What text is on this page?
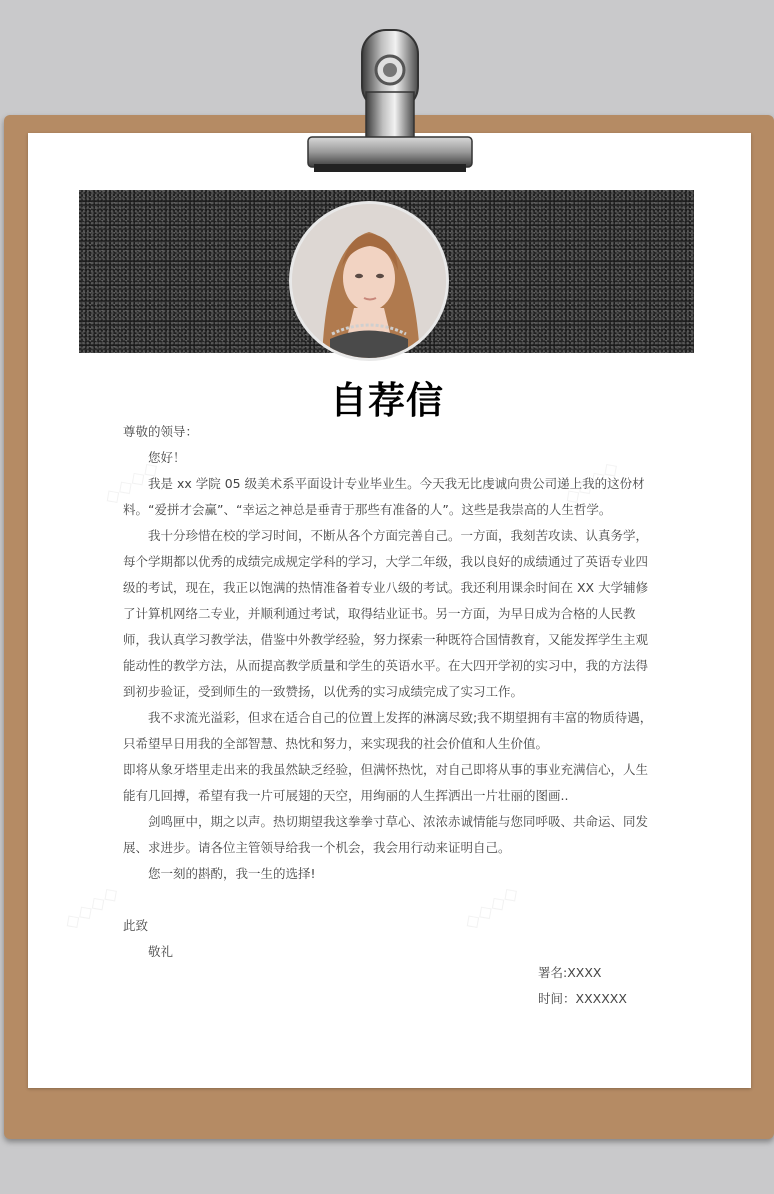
自荐信

尊敬的领导：

您好！

我是 xx 学院 05 级美术系平面设计专业毕业生。今天我无比虔诚向贵公司递上我的这份材料。“爱拼才会赢”、“幸运之神总是垂青于那些有准备的人”。这些是我崇高的人生哲学。

我十分珍惜在校的学习时间，不断从各个方面完善自己。一方面，我刻苦攻读、认真务学，每个学期都以优秀的成绩完成规定学科的学习，大学二年级，我以良好的成绩通过了英语专业四级的考试，现在，我正以饱满的热情准备着专业八级的考试。我还利用课余时间在 XX 大学辅修了计算机网络二专业，并顺利通过考试，取得结业证书。另一方面，为早日成为合格的人民教师，我认真学习教学法，借鉴中外教学经验，努力探索一种既符合国情教育，又能发挥学生主观能动性的教学方法，从而提高教学质量和学生的英语水平。在大四开学初的实习中，我的方法得到初步验证，受到师生的一致赞扬，以优秀的实习成绩完成了实习工作。

我不求流光溢彩，但求在适合自己的位置上发挥的淋漓尽致;我不期望拥有丰富的物质待遇，只希望早日用我的全部智慧、热忱和努力，来实现我的社会价值和人生价值。

即将从象牙塔里走出来的我虽然缺乏经验，但满怀热忱，对自己即将从事的事业充满信心，人生能有几回搏，希望有我一片可展翅的天空，用绚丽的人生挥洒出一片壮丽的图画..

剑鸣匣中，期之以声。热切期望我这拳拳寸草心、浓浓赤诚情能与您同呼吸、共命运、同发展、求进步。请各位主管领导给我一个机会，我会用行动来证明自己。

您一刻的斟酌，我一生的选择!

此致

敬礼

署名:XXXX
时间：XXXXXX
◇◇◇◇	◇◇◇◇
◇◇◇◇	◇◇◇◇
